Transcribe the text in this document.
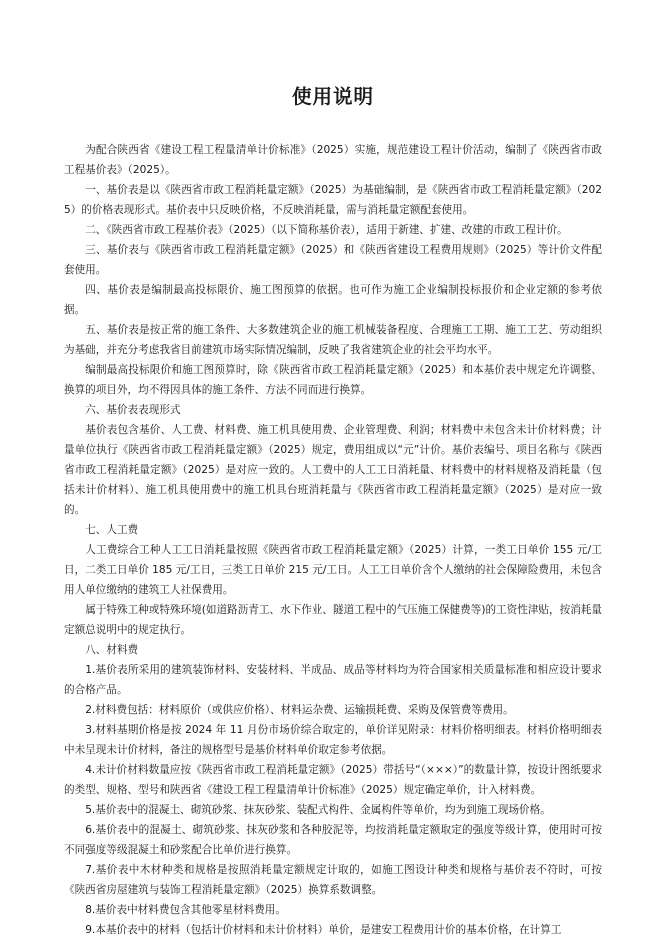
使用说明

为配合陕西省《建设工程工程量清单计价标准》（2025）实施，规范建设工程计价活动，编制了《陕西省市政工程基价表》（2025）。

一、基价表是以《陕西省市政工程消耗量定额》（2025）为基础编制，是《陕西省市政工程消耗量定额》（2025）的价格表现形式。基价表中只反映价格，不反映消耗量，需与消耗量定额配套使用。

二、《陕西省市政工程基价表》（2025）（以下简称基价表），适用于新建、扩建、改建的市政工程计价。

三、基价表与《陕西省市政工程消耗量定额》（2025）和《陕西省建设工程费用规则》（2025）等计价文件配套使用。

四、基价表是编制最高投标限价、施工图预算的依据。也可作为施工企业编制投标报价和企业定额的参考依据。

五、基价表是按正常的施工条件、大多数建筑企业的施工机械装备程度、合理施工工期、施工工艺、劳动组织为基础，并充分考虑我省目前建筑市场实际情况编制，反映了我省建筑企业的社会平均水平。

编制最高投标限价和施工图预算时，除《陕西省市政工程消耗量定额》（2025）和本基价表中规定允许调整、换算的项目外，均不得因具体的施工条件、方法不同而进行换算。

六、基价表表现形式

基价表包含基价、人工费、材料费、施工机具使用费、企业管理费、利润；材料费中未包含未计价材料费；计量单位执行《陕西省市政工程消耗量定额》（2025）规定，费用组成以“元”计价。基价表编号、项目名称与《陕西省市政工程消耗量定额》（2025）是对应一致的。人工费中的人工工日消耗量、材料费中的材料规格及消耗量（包括未计价材料）、施工机具使用费中的施工机具台班消耗量与《陕西省市政工程消耗量定额》（2025）是对应一致的。

七、人工费

人工费综合工种人工工日消耗量按照《陕西省市政工程消耗量定额》（2025）计算，一类工日单价 155 元/工日，二类工日单价 185 元/工日，三类工日单价 215 元/工日。人工工日单价含个人缴纳的社会保障险费用，未包含用人单位缴纳的建筑工人社保费用。

属于特殊工种或特殊环境(如道路沥青工、水下作业、隧道工程中的气压施工保健费等)的工资性津贴，按消耗量定额总说明中的规定执行。

八、材料费

1.基价表所采用的建筑装饰材料、安装材料、半成品、成品等材料均为符合国家相关质量标准和相应设计要求的合格产品。

2.材料费包括：材料原价（或供应价格）、材料运杂费、运输损耗费、采购及保管费等费用。

3.材料基期价格是按 2024 年 11 月份市场价综合取定的，单价详见附录：材料价格明细表。材料价格明细表中未呈现未计价材料，备注的规格型号是基价材料单价取定参考依据。

4.未计价材料数量应按《陕西省市政工程消耗量定额》（2025）带括号“（×××）”的数量计算，按设计图纸要求的类型、规格、型号和陕西省《建设工程工程量清单计价标准》（2025）规定确定单价，计入材料费。

5.基价表中的混凝土、砌筑砂浆、抹灰砂浆、装配式构件、金属构件等单价，均为到施工现场价格。

6.基价表中的混凝土、砌筑砂浆、抹灰砂浆和各种胶泥等，均按消耗量定额取定的强度等级计算，使用时可按不同强度等级混凝土和砂浆配合比单价进行换算。

7.基价表中木材种类和规格是按照消耗量定额规定计取的，如施工图设计种类和规格与基价表不符时，可按《陕西省房屋建筑与装饰工程消耗量定额》（2025）换算系数调整。

8.基价表中材料费包含其他零星材料费用。

9.本基价表中的材料（包括计价材料和未计价材料）单价，是建安工程费用计价的基本价格，在计算工
